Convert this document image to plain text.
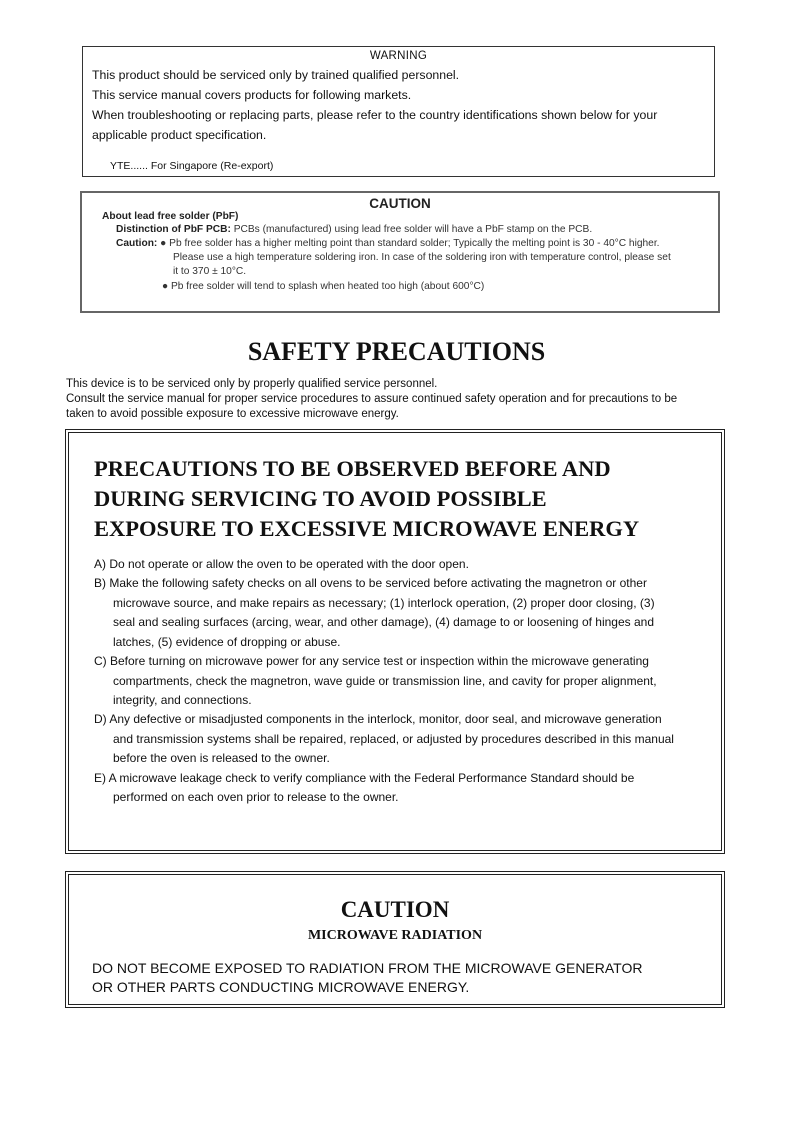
WARNING
This product should be serviced only by trained qualified personnel.
This service manual covers products for following markets.
When troubleshooting or replacing parts, please refer to the country identifications shown below for your
applicable product specification.
YTE...... For Singapore (Re-export)
CAUTION
About lead free solder (PbF)
Distinction of PbF PCB: PCBs (manufactured) using lead free solder will have a PbF stamp on the PCB.
Caution: ● Pb free solder has a higher melting point than standard solder; Typically the melting point is 30 - 40°C higher.
Please use a high temperature soldering iron. In case of the soldering iron with temperature control, please set
it to 370 ± 10°C.
● Pb free solder will tend to splash when heated too high (about 600°C)
SAFETY PRECAUTIONS
This device is to be serviced only by properly qualified service personnel.
Consult the service manual for proper service procedures to assure continued safety operation and for precautions to be
taken to avoid possible exposure to excessive microwave energy.
PRECAUTIONS TO BE OBSERVED BEFORE AND
DURING SERVICING TO AVOID POSSIBLE
EXPOSURE TO EXCESSIVE MICROWAVE ENERGY
A) Do not operate or allow the oven to be operated with the door open.
B) Make the following safety checks on all ovens to be serviced before activating the magnetron or other
microwave source, and make repairs as necessary; (1) interlock operation, (2) proper door closing, (3)
seal and sealing surfaces (arcing, wear, and other damage), (4) damage to or loosening of hinges and
latches, (5) evidence of dropping or abuse.
C) Before turning on microwave power for any service test or inspection within the microwave generating
compartments, check the magnetron, wave guide or transmission line, and cavity for proper alignment,
integrity, and connections.
D) Any defective or misadjusted components in the interlock, monitor, door seal, and microwave generation
and transmission systems shall be repaired, replaced, or adjusted by procedures described in this manual
before the oven is released to the owner.
E) A microwave leakage check to verify compliance with the Federal Performance Standard should be
performed on each oven prior to release to the owner.
CAUTION
MICROWAVE RADIATION
DO NOT BECOME EXPOSED TO RADIATION FROM THE MICROWAVE GENERATOR
OR OTHER PARTS CONDUCTING MICROWAVE ENERGY.
